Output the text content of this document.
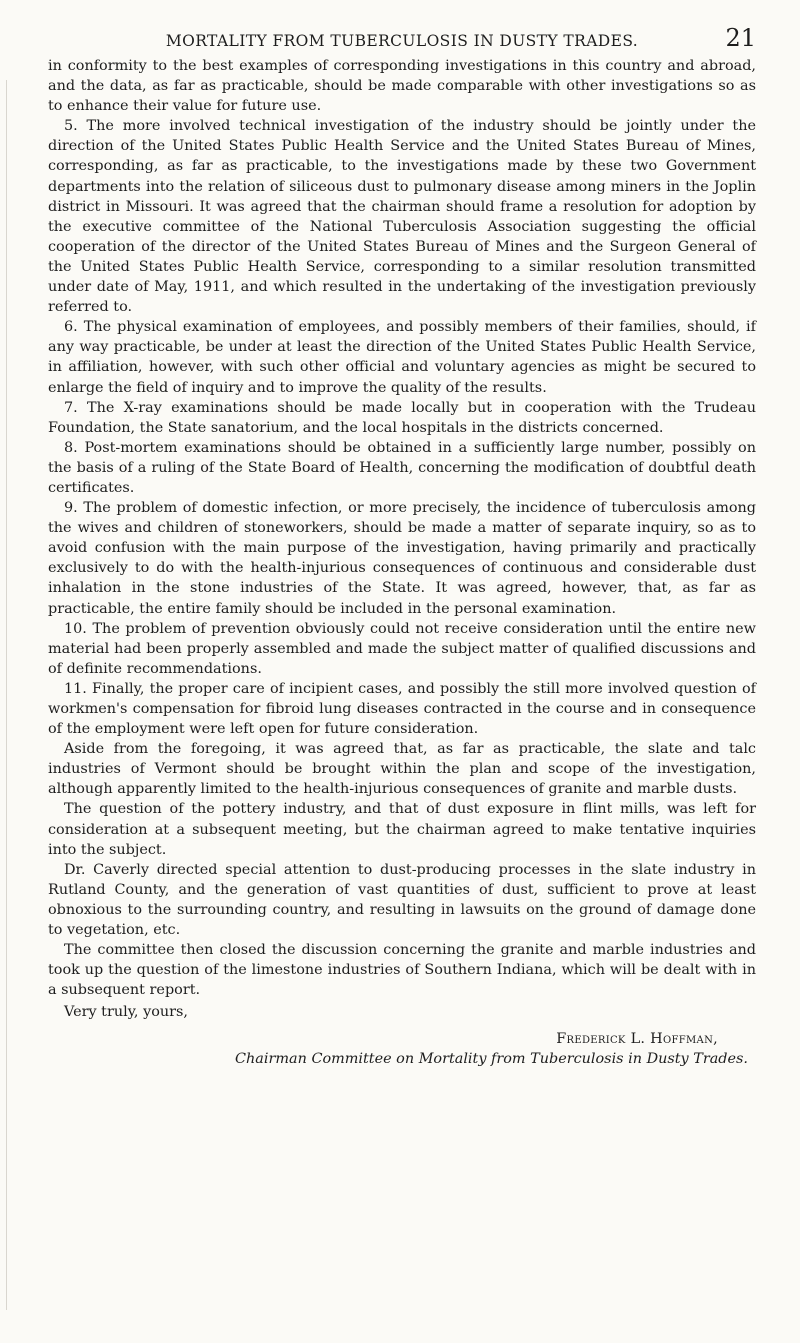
MORTALITY FROM TUBERCULOSIS IN DUSTY TRADES.	21

in conformity to the best examples of corresponding investigations in this country and abroad, and the data, as far as practicable, should be made comparable with other investigations so as to enhance their value for future use.

5. The more involved technical investigation of the industry should be jointly under the direction of the United States Public Health Service and the United States Bureau of Mines, corresponding, as far as practicable, to the investigations made by these two Government departments into the relation of siliceous dust to pulmonary disease among miners in the Joplin district in Missouri. It was agreed that the chairman should frame a resolution for adoption by the executive committee of the National Tuberculosis Association suggesting the official cooperation of the director of the United States Bureau of Mines and the Surgeon General of the United States Public Health Service, corresponding to a similar resolution transmitted under date of May, 1911, and which resulted in the undertaking of the investigation previously referred to.

6. The physical examination of employees, and possibly members of their families, should, if any way practicable, be under at least the direction of the United States Public Health Service, in affiliation, however, with such other official and voluntary agencies as might be secured to enlarge the field of inquiry and to improve the quality of the results.

7. The X-ray examinations should be made locally but in cooperation with the Trudeau Foundation, the State sanatorium, and the local hospitals in the districts concerned.

8. Post-mortem examinations should be obtained in a sufficiently large number, possibly on the basis of a ruling of the State Board of Health, concerning the modification of doubtful death certificates.

9. The problem of domestic infection, or more precisely, the incidence of tuberculosis among the wives and children of stoneworkers, should be made a matter of separate inquiry, so as to avoid confusion with the main purpose of the investigation, having primarily and practically exclusively to do with the health-injurious consequences of continuous and considerable dust inhalation in the stone industries of the State. It was agreed, however, that, as far as practicable, the entire family should be included in the personal examination.

10. The problem of prevention obviously could not receive consideration until the entire new material had been properly assembled and made the subject matter of qualified discussions and of definite recommendations.

11. Finally, the proper care of incipient cases, and possibly the still more involved question of workmen's compensation for fibroid lung diseases contracted in the course and in consequence of the employment were left open for future consideration.

Aside from the foregoing, it was agreed that, as far as practicable, the slate and talc industries of Vermont should be brought within the plan and scope of the investigation, although apparently limited to the health-injurious consequences of granite and marble dusts.

The question of the pottery industry, and that of dust exposure in flint mills, was left for consideration at a subsequent meeting, but the chairman agreed to make tentative inquiries into the subject.

Dr. Caverly directed special attention to dust-producing processes in the slate industry in Rutland County, and the generation of vast quantities of dust, sufficient to prove at least obnoxious to the surrounding country, and resulting in lawsuits on the ground of damage done to vegetation, etc.

The committee then closed the discussion concerning the granite and marble industries and took up the question of the limestone industries of Southern Indiana, which will be dealt with in a subsequent report.

Very truly, yours,

Frederick L. Hoffman,

Chairman Committee on Mortality from Tuberculosis in Dusty Trades.
